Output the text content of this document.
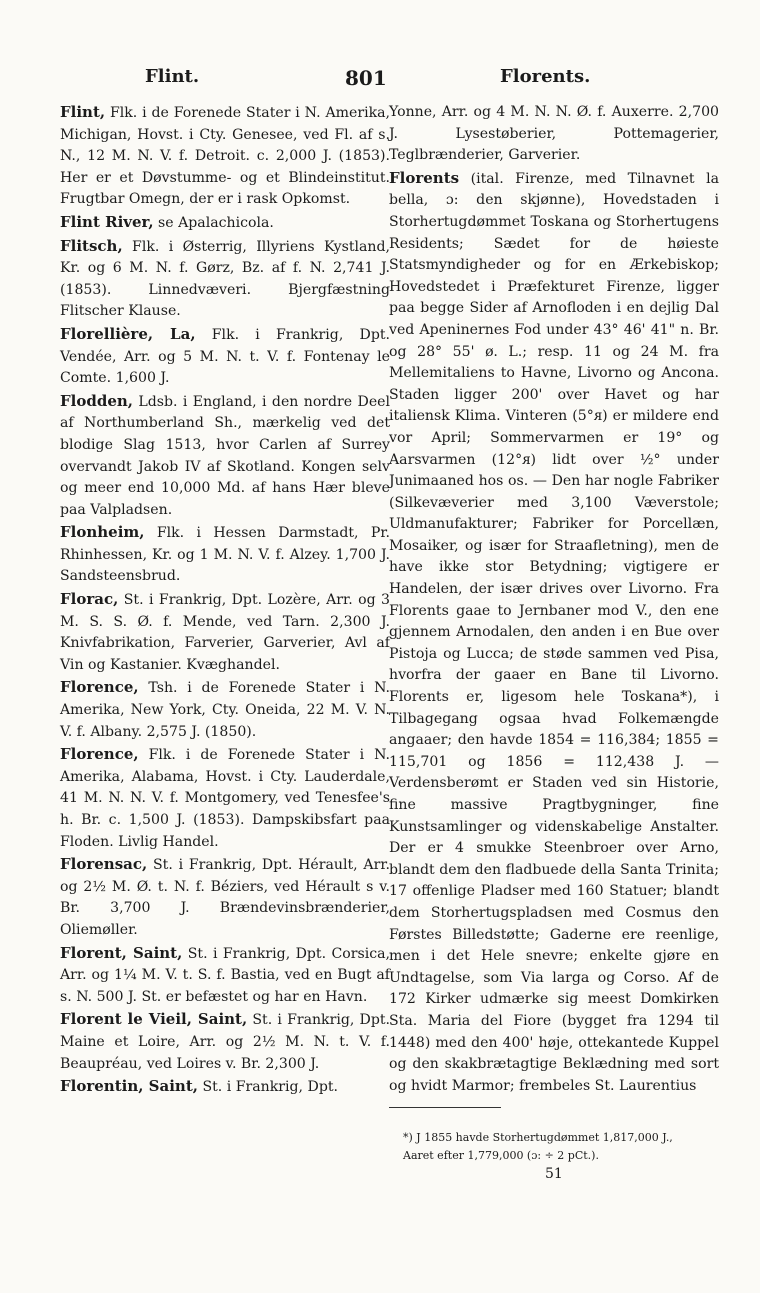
Flint.	801	Florents.

Flint, Flk. i de Forenede Stater i N. Amerika, Michigan, Hovst. i Cty. Genesee, ved Fl. af s. N., 12 M. N. V. f. Detroit. c. 2,000 J. (1853). Her er et Døvstumme- og et Blindeinstitut. Frugtbar Omegn, der er i rask Opkomst.

Flint River, se Apalachicola.

Flitsch, Flk. i Østerrig, Illyriens Kystland, Kr. og 6 M. N. f. Gørz, Bz. af f. N. 2,741 J. (1853). Linnedvæveri. Bjergfæstning Flitscher Klause.

Florellière, La, Flk. i Frankrig, Dpt. Vendée, Arr. og 5 M. N. t. V. f. Fontenay le Comte. 1,600 J.

Flodden, Ldsb. i England, i den nordre Deel af Northumberland Sh., mærkelig ved det blodige Slag 1513, hvor Carlen af Surrey overvandt Jakob IV af Skotland. Kongen selv og meer end 10,000 Md. af hans Hær bleve paa Valpladsen.

Flonheim, Flk. i Hessen Darmstadt, Pr. Rhinhessen, Kr. og 1 M. N. V. f. Alzey. 1,700 J. Sandsteensbrud.

Florac, St. i Frankrig, Dpt. Lozère, Arr. og 3 M. S. S. Ø. f. Mende, ved Tarn. 2,300 J. Knivfabrikation, Farverier, Garverier, Avl af Vin og Kastanier. Kvæghandel.

Florence, Tsh. i de Forenede Stater i N. Amerika, New York, Cty. Oneida, 22 M. V. N. V. f. Albany. 2,575 J. (1850).

Florence, Flk. i de Forenede Stater i N. Amerika, Alabama, Hovst. i Cty. Lauderdale, 41 M. N. N. V. f. Montgomery, ved Tenesfee's h. Br. c. 1,500 J. (1853). Dampskibsfart paa Floden. Livlig Handel.

Florensac, St. i Frankrig, Dpt. Hérault, Arr. og 2½ M. Ø. t. N. f. Béziers, ved Hérault s v. Br. 3,700 J. Brændevinsbrænderier, Oliemøller.

Florent, Saint, St. i Frankrig, Dpt. Corsica, Arr. og 1¼ M. V. t. S. f. Bastia, ved en Bugt af s. N. 500 J. St. er befæstet og har en Havn.

Florent le Vieil, Saint, St. i Frankrig, Dpt. Maine et Loire, Arr. og 2½ M. N. t. V. f. Beaupréau, ved Loires v. Br. 2,300 J.

Florentin, Saint, St. i Frankrig, Dpt.

Yonne, Arr. og 4 M. N. N. Ø. f. Auxerre. 2,700 J. Lysestøberier, Pottemagerier, Teglbrænderier, Garverier.

Florents (ital. Firenze, med Tilnavnet la bella, ɔ: den skjønne), Hovedstaden i Storhertugdømmet Toskana og Storhertugens Residents; Sædet for de høieste Statsmyndigheder og for en Ærkebiskop; Hovedstedet i Præfekturet Firenze, ligger paa begge Sider af Arnofloden i en dejlig Dal ved Apeninernes Fod under 43° 46' 41" n. Br. og 28° 55' ø. L.; resp. 11 og 24 M. fra Mellemitaliens to Havne, Livorno og Ancona. Staden ligger 200' over Havet og har italiensk Klima. Vinteren (5°ᴙ) er mildere end vor April; Sommervarmen er 19° og Aarsvarmen (12°ᴙ) lidt over ½° under Junimaaned hos os. — Den har nogle Fabriker (Silkevæverier med 3,100 Væverstole; Uldmanufakturer; Fabriker for Porcellæn, Mosaiker, og især for Straafletning), men de have ikke stor Betydning; vigtigere er Handelen, der især drives over Livorno. Fra Florents gaae to Jernbaner mod V., den ene gjennem Arnodalen, den anden i en Bue over Pistoja og Lucca; de støde sammen ved Pisa, hvorfra der gaaer en Bane til Livorno. Florents er, ligesom hele Toskana*), i Tilbagegang ogsaa hvad Folkemængde angaaer; den havde 1854 = 116,384; 1855 = 115,701 og 1856 = 112,438 J. — Verdensberømt er Staden ved sin Historie, fine massive Pragtbygninger, fine Kunstsamlinger og videnskabelige Anstalter. Der er 4 smukke Steenbroer over Arno, blandt dem den fladbuede della Santa Trinita; 17 offenlige Pladser med 160 Statuer; blandt dem Storhertugspladsen med Cosmus den Førstes Billedstøtte; Gaderne ere reenlige, men i det Hele snevre; enkelte gjøre en Undtagelse, som Via larga og Corso. Af de 172 Kirker udmærke sig meest Domkirken Sta. Maria del Fiore (bygget fra 1294 til 1448) med den 400' høje, ottekantede Kuppel og den skakbrætagtige Beklædning med sort og hvidt Marmor; frembeles St. Laurentius

*) J 1855 havde Storhertugdømmet 1,817,000 J.,
Aaret efter 1,779,000 (ɔ: ÷ 2 pCt.).
51
